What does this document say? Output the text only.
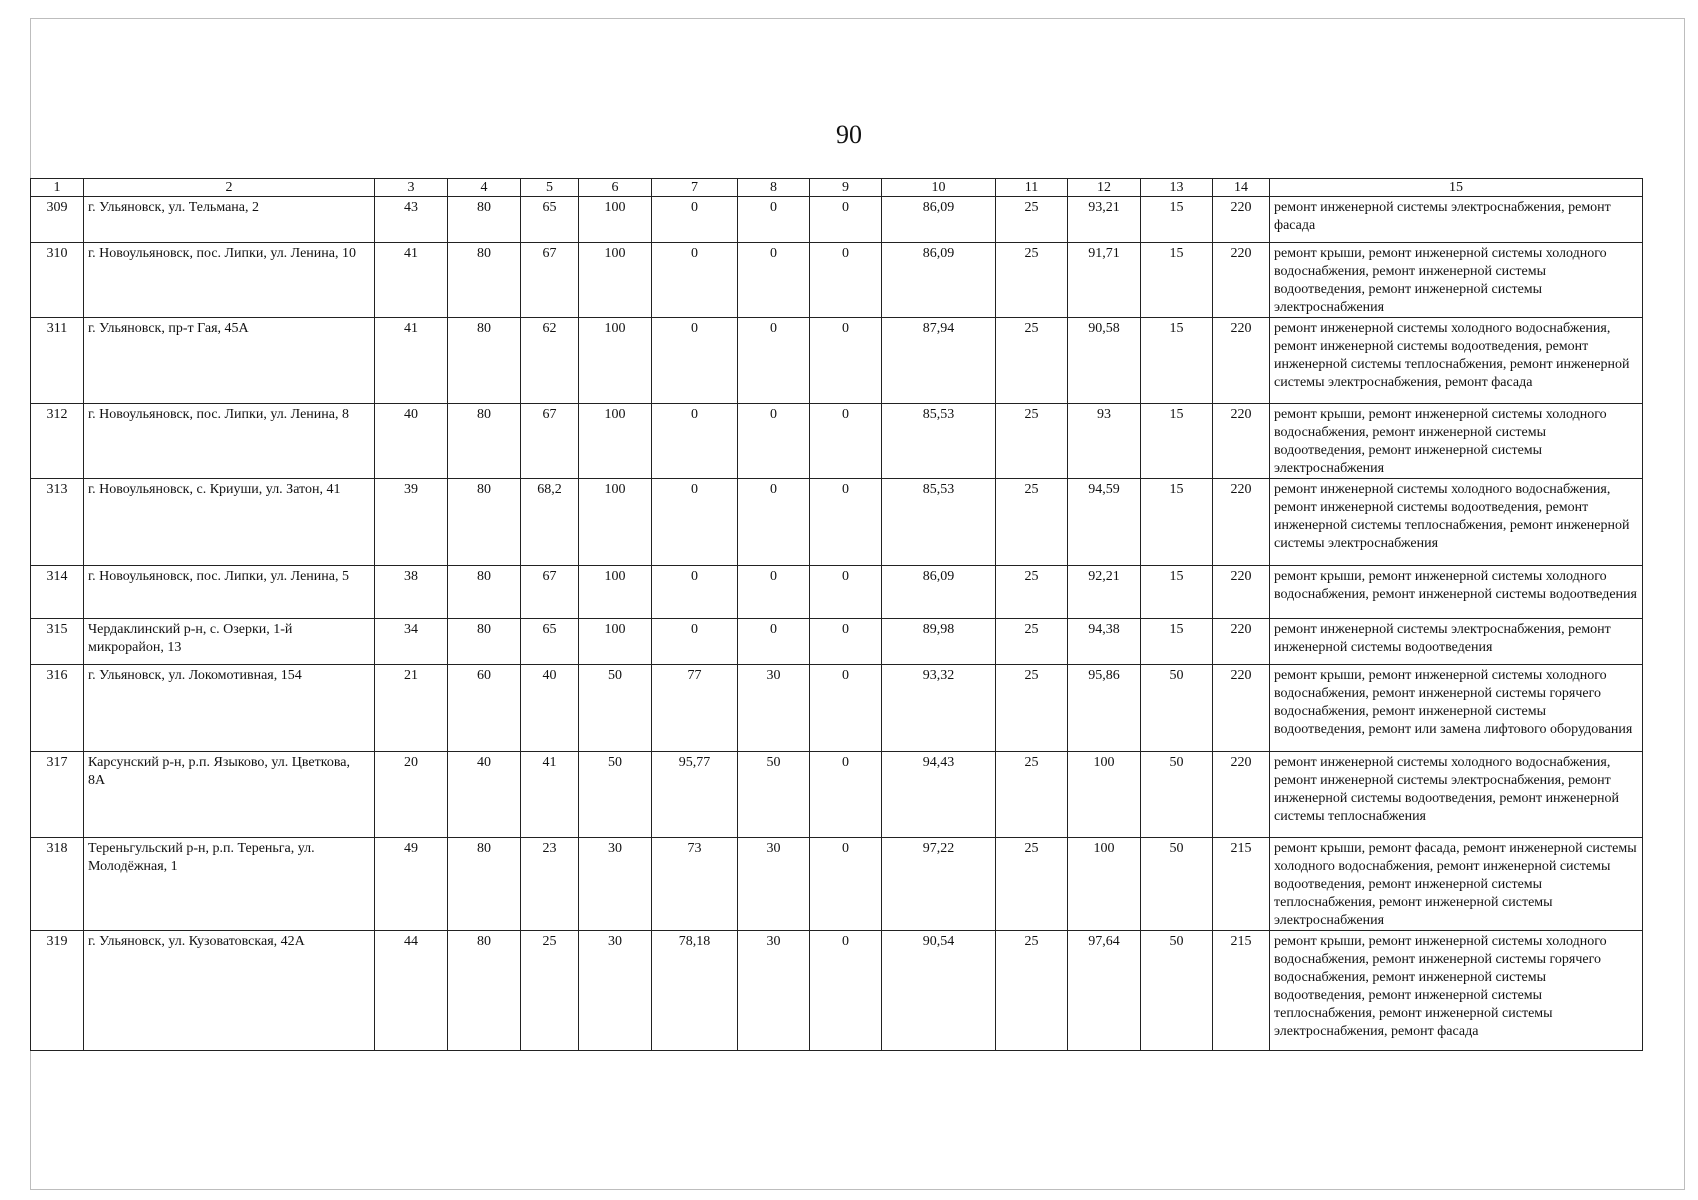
90
1	2	3	4	5	6	7	8	9	10	11	12	13	14	15
309	г. Ульяновск, ул. Тельмана, 2	43	80	65	100	0	0	0	86,09	25	93,21	15	220	ремонт инженерной системы электроснабжения, ремонт фасада
310	г. Новоульяновск, пос. Липки, ул. Ленина, 10	41	80	67	100	0	0	0	86,09	25	91,71	15	220	ремонт крыши, ремонт инженерной системы холодного водоснабжения, ремонт инженерной системы водоотведения, ремонт инженерной системы электроснабжения
311	г. Ульяновск, пр-т Гая, 45А	41	80	62	100	0	0	0	87,94	25	90,58	15	220	ремонт инженерной системы холодного водоснабжения, ремонт инженерной системы водоотведения, ремонт инженерной системы теплоснабжения, ремонт инженерной системы электроснабжения, ремонт фасада
312	г. Новоульяновск, пос. Липки, ул. Ленина, 8	40	80	67	100	0	0	0	85,53	25	93	15	220	ремонт крыши, ремонт инженерной системы холодного водоснабжения, ремонт инженерной системы водоотведения, ремонт инженерной системы электроснабжения
313	г. Новоульяновск, с. Криуши, ул. Затон, 41	39	80	68,2	100	0	0	0	85,53	25	94,59	15	220	ремонт инженерной системы холодного водоснабжения, ремонт инженерной системы водоотведения, ремонт инженерной системы теплоснабжения, ремонт инженерной системы электроснабжения
314	г. Новоульяновск, пос. Липки, ул. Ленина, 5	38	80	67	100	0	0	0	86,09	25	92,21	15	220	ремонт крыши, ремонт инженерной системы холодного водоснабжения, ремонт инженерной системы водоотведения
315	Чердаклинский р-н, с. Озерки, 1-й микрорайон, 13	34	80	65	100	0	0	0	89,98	25	94,38	15	220	ремонт инженерной системы электроснабжения, ремонт инженерной системы водоотведения
316	г. Ульяновск, ул. Локомотивная, 154	21	60	40	50	77	30	0	93,32	25	95,86	50	220	ремонт крыши, ремонт инженерной системы холодного водоснабжения, ремонт инженерной системы горячего водоснабжения, ремонт инженерной системы водоотведения, ремонт или замена лифтового оборудования
317	Карсунский р-н, р.п. Языково, ул. Цветкова, 8А	20	40	41	50	95,77	50	0	94,43	25	100	50	220	ремонт инженерной системы холодного водоснабжения, ремонт инженерной системы электроснабжения, ремонт инженерной системы водоотведения, ремонт инженерной системы теплоснабжения
318	Тереньгульский р-н, р.п. Тереньга, ул. Молодёжная, 1	49	80	23	30	73	30	0	97,22	25	100	50	215	ремонт крыши, ремонт фасада, ремонт инженерной системы холодного водоснабжения, ремонт инженерной системы водоотведения, ремонт инженерной системы теплоснабжения, ремонт инженерной системы электроснабжения
319	г. Ульяновск, ул. Кузоватовская, 42А	44	80	25	30	78,18	30	0	90,54	25	97,64	50	215	ремонт крыши, ремонт инженерной системы холодного водоснабжения, ремонт инженерной системы горячего водоснабжения, ремонт инженерной системы водоотведения, ремонт инженерной системы теплоснабжения, ремонт инженерной системы электроснабжения, ремонт фасада
